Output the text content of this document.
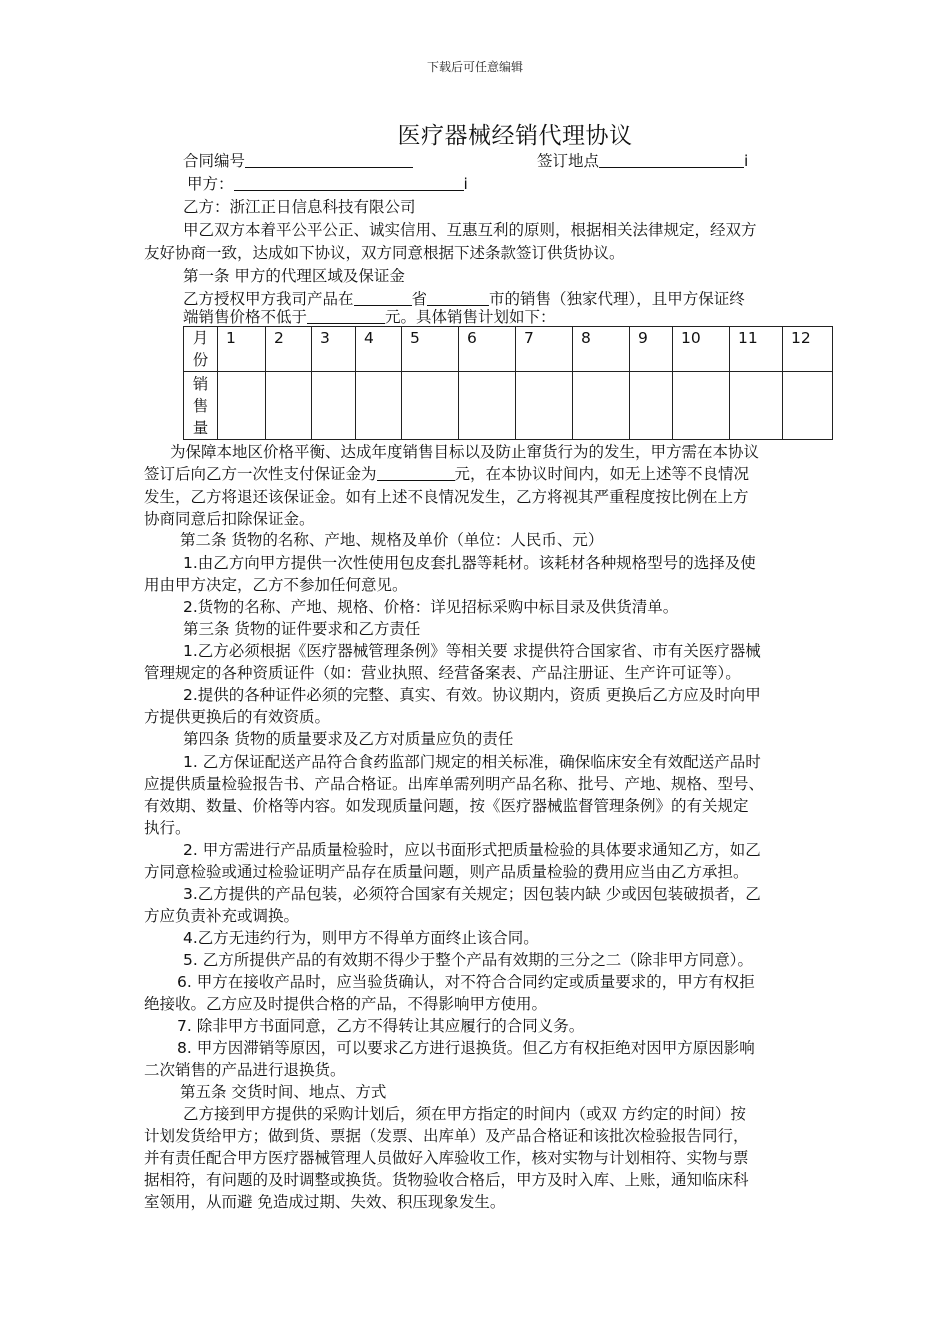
下载后可任意编辑
医疗器械经销代理协议
合同编号	签订地点	i
甲方：	i
乙方：浙江正日信息科技有限公司
甲乙双方本着平公平公正、诚实信用、互惠互利的原则，根据相关法律规定，经双方
友好协商一致，达成如下协议，双方同意根据下述条款签订供货协议。
第一条 甲方的代理区域及保证金
乙方授权甲方我司产品在	省	市的销售（独家代理），且甲方保证终
端销售价格不低于	元。具体销售计划如下：
月
份	1	2	3	4	5	6	7	8	9	10	11	12
销
售
量												
为保障本地区价格平衡、达成年度销售目标以及防止窜货行为的发生，甲方需在本协议
签订后向乙方一次性支付保证金为	元，在本协议时间内，如无上述等不良情况
发生，乙方将退还该保证金。如有上述不良情况发生，乙方将视其严重程度按比例在上方
协商同意后扣除保证金。
第二条 货物的名称、产地、规格及单价（单位：人民币、元）
1.由乙方向甲方提供一次性使用包皮套扎器等耗材。该耗材各种规格型号的选择及使
用由甲方决定，乙方不参加任何意见。
2.货物的名称、产地、规格、价格：详见招标采购中标目录及供货清单。
第三条 货物的证件要求和乙方责任
1.乙方必须根据《医疗器械管理条例》等相关要 求提供符合国家省、市有关医疗器械
管理规定的各种资质证件（如：营业执照、经营备案表、产品注册证、生产许可证等）。
2.提供的各种证件必须的完整、真实、有效。协议期内，资质 更换后乙方应及时向甲
方提供更换后的有效资质。
第四条 货物的质量要求及乙方对质量应负的责任
1. 乙方保证配送产品符合食药监部门规定的相关标准，确保临床安全有效配送产品时
应提供质量检验报告书、产品合格证。出库单需列明产品名称、批号、产地、规格、型号、
有效期、数量、价格等内容。如发现质量问题，按《医疗器械监督管理条例》的有关规定
执行。
2. 甲方需进行产品质量检验时，应以书面形式把质量检验的具体要求通知乙方，如乙
方同意检验或通过检验证明产品存在质量问题，则产品质量检验的费用应当由乙方承担。
3.乙方提供的产品包装，必须符合国家有关规定；因包装内缺 少或因包装破损者，乙
方应负责补充或调换。
4.乙方无违约行为，则甲方不得单方面终止该合同。
5. 乙方所提供产品的有效期不得少于整个产品有效期的三分之二（除非甲方同意）。
6. 甲方在接收产品时，应当验货确认，对不符合合同约定或质量要求的，甲方有权拒
绝接收。乙方应及时提供合格的产品，不得影响甲方使用。
7. 除非甲方书面同意，乙方不得转让其应履行的合同义务。
8. 甲方因滞销等原因，可以要求乙方进行退换货。但乙方有权拒绝对因甲方原因影响
二次销售的产品进行退换货。
第五条 交货时间、地点、方式
乙方接到甲方提供的采购计划后，须在甲方指定的时间内（或双 方约定的时间）按
计划发货给甲方；做到货、票据（发票、出库单）及产品合格证和该批次检验报告同行，
并有责任配合甲方医疗器械管理人员做好入库验收工作，核对实物与计划相符、实物与票
据相符，有问题的及时调整或换货。货物验收合格后，甲方及时入库、上账，通知临床科
室领用，从而避 免造成过期、失效、积压现象发生。
